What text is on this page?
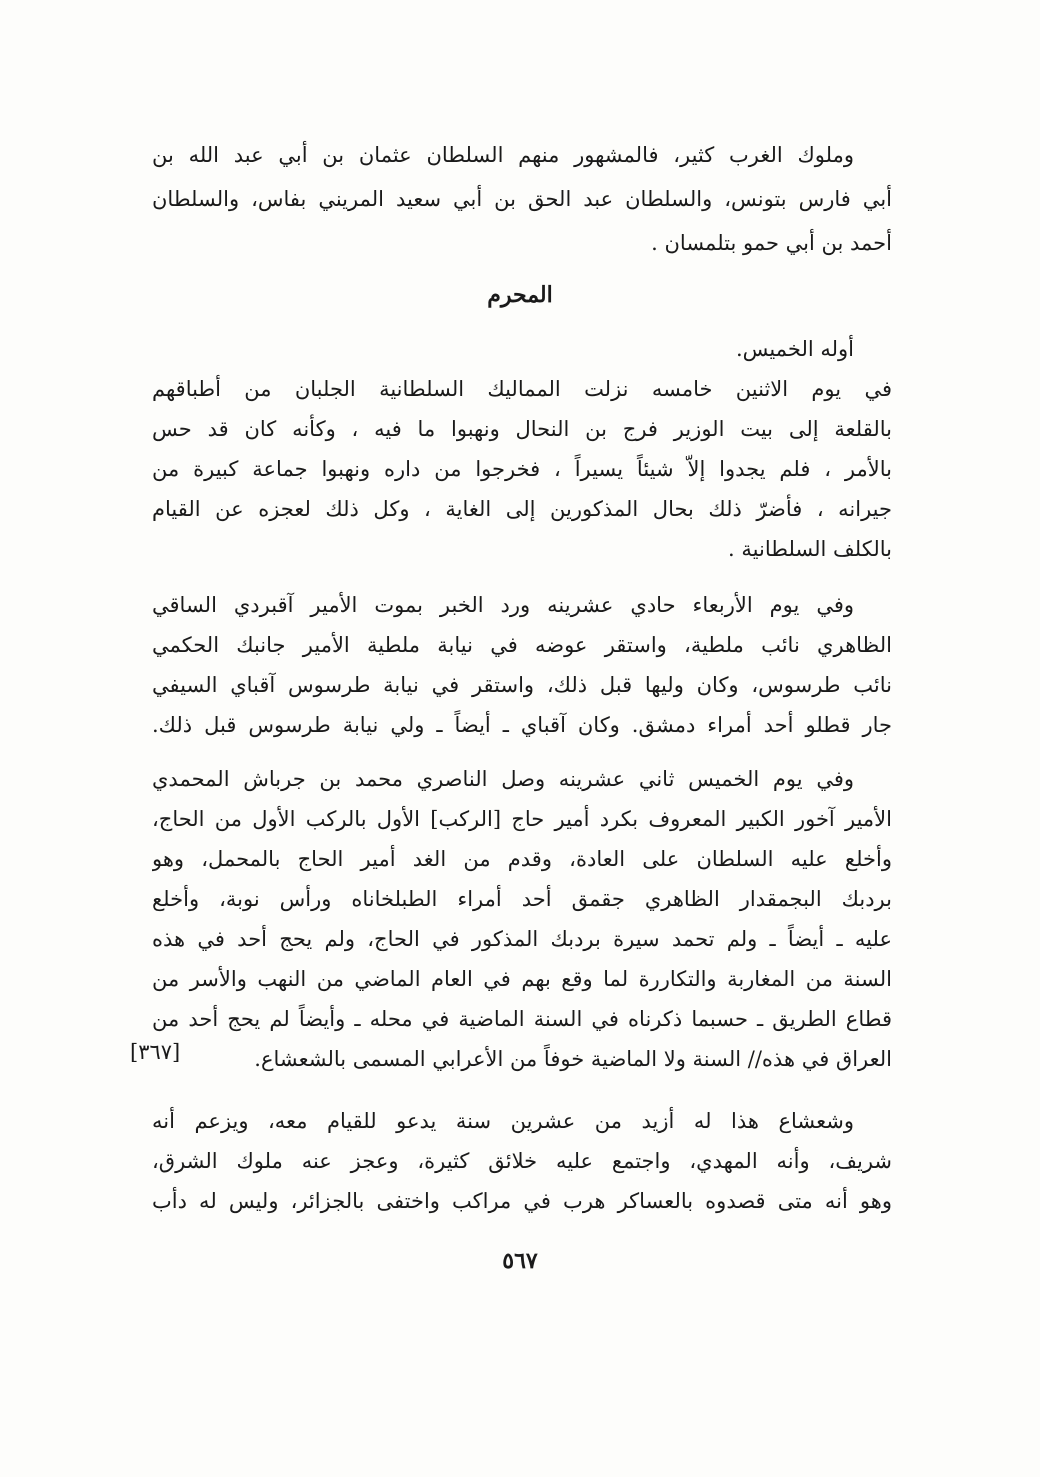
وملوك الغرب كثير، فالمشهور منهم السلطان عثمان بن أبي عبد الله بن
أبي فارس بتونس، والسلطان عبد الحق بن أبي سعيد المريني بفاس، والسلطان
أحمد بن أبي حمو بتلمسان .
المحرم
أوله الخميس.
في يوم الاثنين خامسه نزلت المماليك السلطانية الجلبان من أطباقهم
بالقلعة إلى بيت الوزير فرج بن النحال ونهبوا ما فيه ، وكأنه كان قد حس
بالأمر ، فلم يجدوا إلاّ شيئاً يسيراً ، فخرجوا من داره ونهبوا جماعة كبيرة من
جيرانه ، فأضرّ ذلك بحال المذكورين إلى الغاية ، وكل ذلك لعجزه عن القيام
بالكلف السلطانية .
وفي يوم الأربعاء حادي عشرينه ورد الخبر بموت الأمير آقبردي الساقي
الظاهري نائب ملطية، واستقر عوضه في نيابة ملطية الأمير جانبك الحكمي
نائب طرسوس، وكان وليها قبل ذلك، واستقر في نيابة طرسوس آقباي السيفي
جار قطلو أحد أمراء دمشق. وكان آقباي ـ أيضاً ـ ولي نيابة طرسوس قبل ذلك.
وفي يوم الخميس ثاني عشرينه وصل الناصري محمد بن جرباش المحمدي
الأمير آخور الكبير المعروف بكرد أمير حاج [الركب] الأول بالركب الأول من الحاج،
وأخلع عليه السلطان على العادة، وقدم من الغد أمير الحاج بالمحمل، وهو
بردبك البجمقدار الظاهري جقمق أحد أمراء الطبلخاناه ورأس نوبة، وأخلع
عليه ـ أيضاً ـ ولم تحمد سيرة بردبك المذكور في الحاج، ولم يحج أحد في هذه
السنة من المغاربة والتكاررة لما وقع بهم في العام الماضي من النهب والأسر من
قطاع الطريق ـ حسبما ذكرناه في السنة الماضية في محله ـ وأيضاً لم يحج أحد من
العراق في هذه// السنة ولا الماضية خوفاً من الأعرابي المسمى بالشعشاع.
[٣٦٧]
وشعشاع هذا له أزيد من عشرين سنة يدعو للقيام معه، ويزعم أنه
شريف، وأنه المهدي، واجتمع عليه خلائق كثيرة، وعجز عنه ملوك الشرق،
وهو أنه متى قصدوه بالعساكر هرب في مراكب واختفى بالجزائر، وليس له دأب
٥٦٧
